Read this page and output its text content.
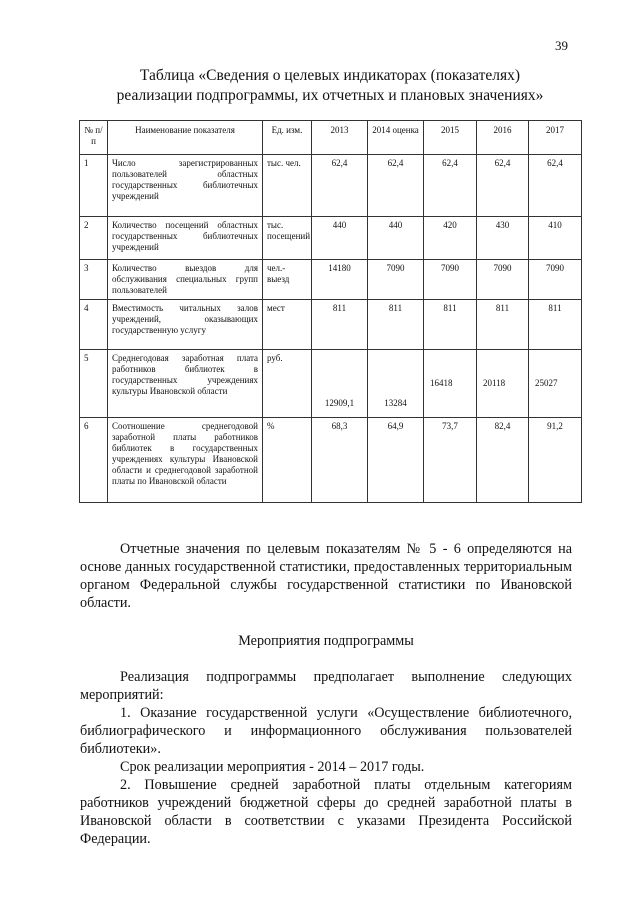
39
Таблица «Сведения о целевых индикаторах (показателях)
реализации подпрограммы, их отчетных и плановых значениях»
№ п/п	Наименование показателя	Ед. изм.	2013	2014 оценка	2015	2016	2017
1	Число зарегистрированных пользователей областных государственных библиотечных учреждений	тыс. чел.	62,4	62,4	62,4	62,4	62,4
2	Количество посещений областных государственных библиотечных учреждений	тыс. посещений	440	440	420	430	410
3	Количество выездов для обслуживания специальных групп пользователей	чел.-выезд	14180	7090	7090	7090	7090
4	Вместимость читальных залов учреждений, оказывающих государственную услугу	мест	811	811	811	811	811
5	Среднегодовая заработная плата работников библиотек в государственных учреждениях культуры Ивановской области	руб.	12909,1	13284	16418	20118	25027
6	Соотношение среднегодовой заработной платы работников библиотек в государственных учреждениях культуры Ивановской области и среднегодовой заработной платы по Ивановской области	%	68,3	64,9	73,7	82,4	91,2

Отчетные значения по целевым показателям № 5 - 6 определяются на основе данных государственной статистики, предоставленных территориальным органом Федеральной службы государственной статистики по Ивановской области.

Мероприятия подпрограммы

Реализация подпрограммы предполагает выполнение следующих мероприятий:

1. Оказание государственной услуги «Осуществление библиотечного, библиографического и информационного обслуживания пользователей библиотеки».

Срок реализации мероприятия - 2014 – 2017 годы.

2. Повышение средней заработной платы отдельным категориям работников учреждений бюджетной сферы до средней заработной платы в Ивановской области в соответствии с указами Президента Российской Федерации.
